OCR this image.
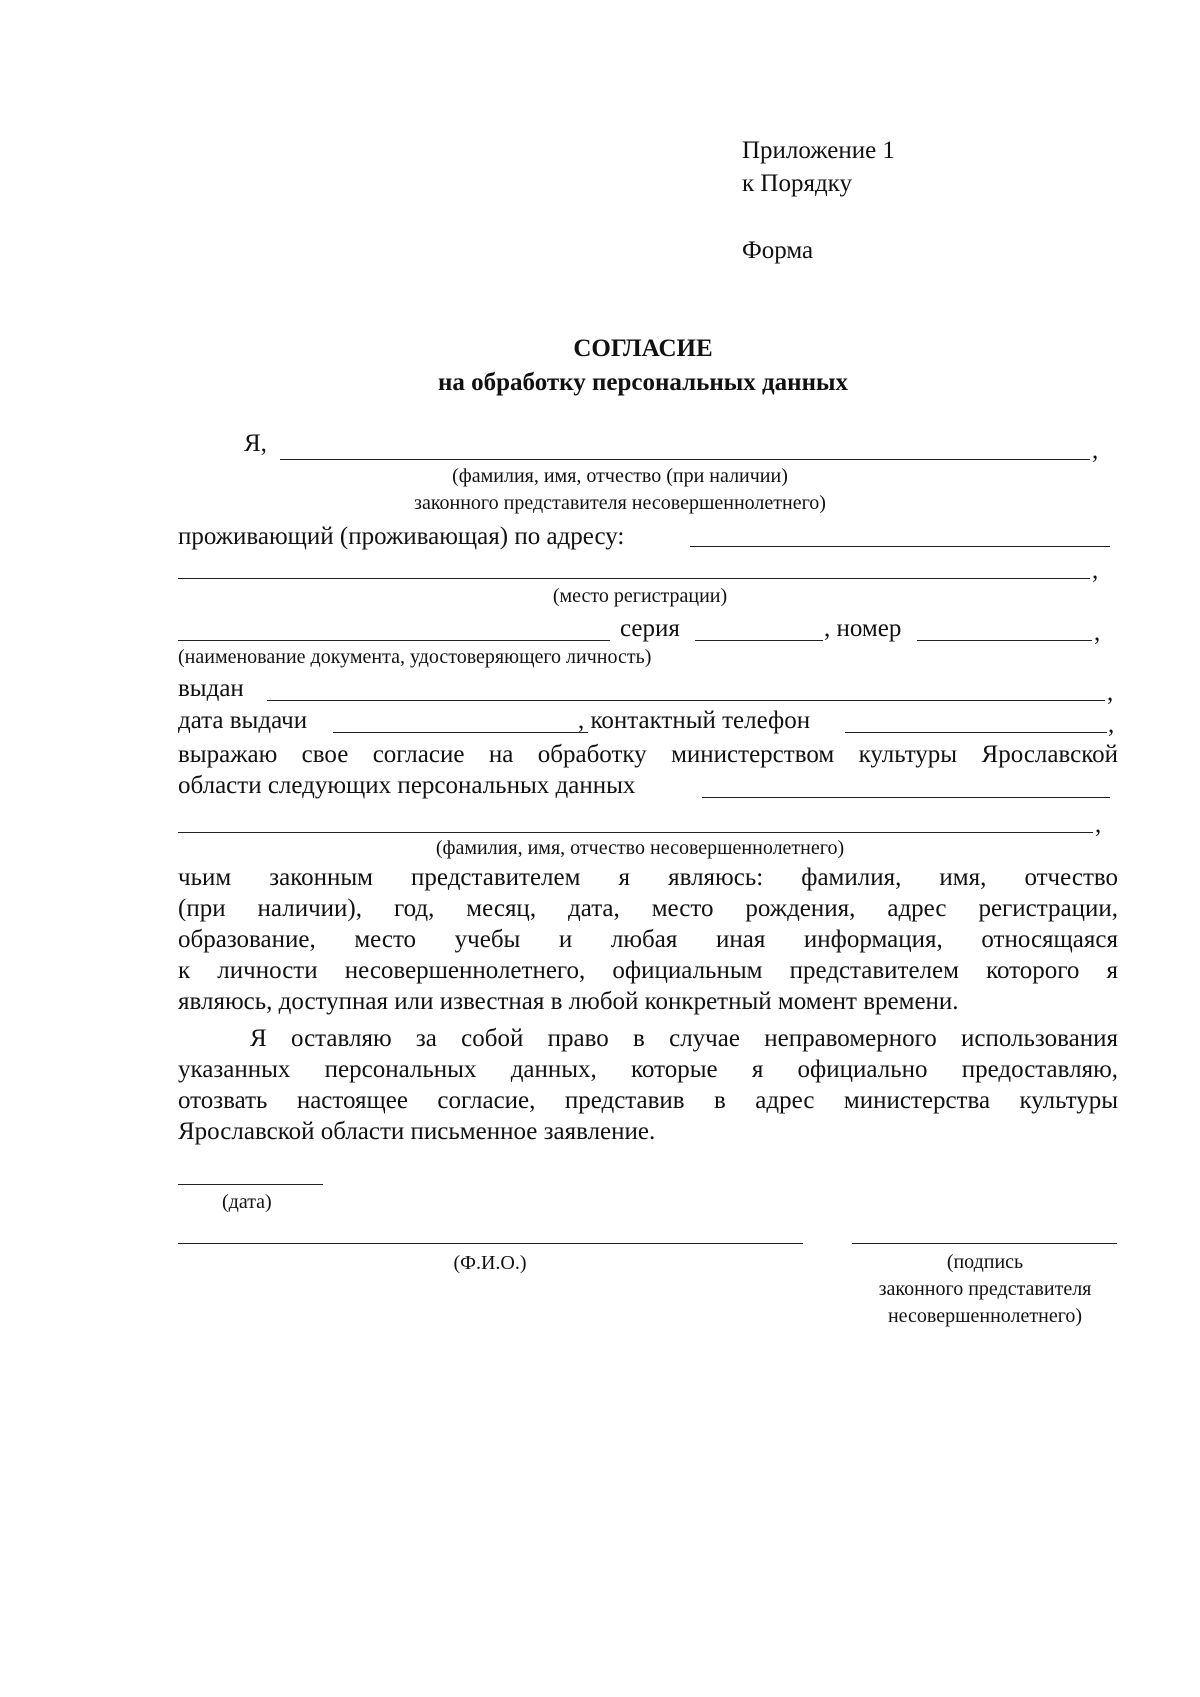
Приложение 1
к Порядку
Форма
СОГЛАСИЕ
на обработку персональных данных
Я,	,
(фамилия, имя, отчество (при наличии)
законного представителя несовершеннолетнего)
проживающий (проживающая) по адресу:
,
(место регистрации)
серия	, номер	,
(наименование документа, удостоверяющего личность)
выдан	,
дата выдачи	, контактный телефон	,
выражаю свое согласие на обработку министерством культуры Ярославской
области следующих персональных данных
,
(фамилия, имя, отчество несовершеннолетнего)
чьим законным представителем я являюсь: фамилия, имя, отчество
(при наличии), год, месяц, дата, место рождения, адрес регистрации,
образование, место учебы и любая иная информация, относящаяся
к личности несовершеннолетнего, официальным представителем которого я
являюсь, доступная или известная в любой конкретный момент времени.
Я оставляю за собой право в случае неправомерного использования
указанных персональных данных, которые я официально предоставляю,
отозвать настоящее согласие, представив в адрес министерства культуры
Ярославской области письменное заявление.
(дата)
(Ф.И.О.)	(подпись
законного представителя
несовершеннолетнего)
